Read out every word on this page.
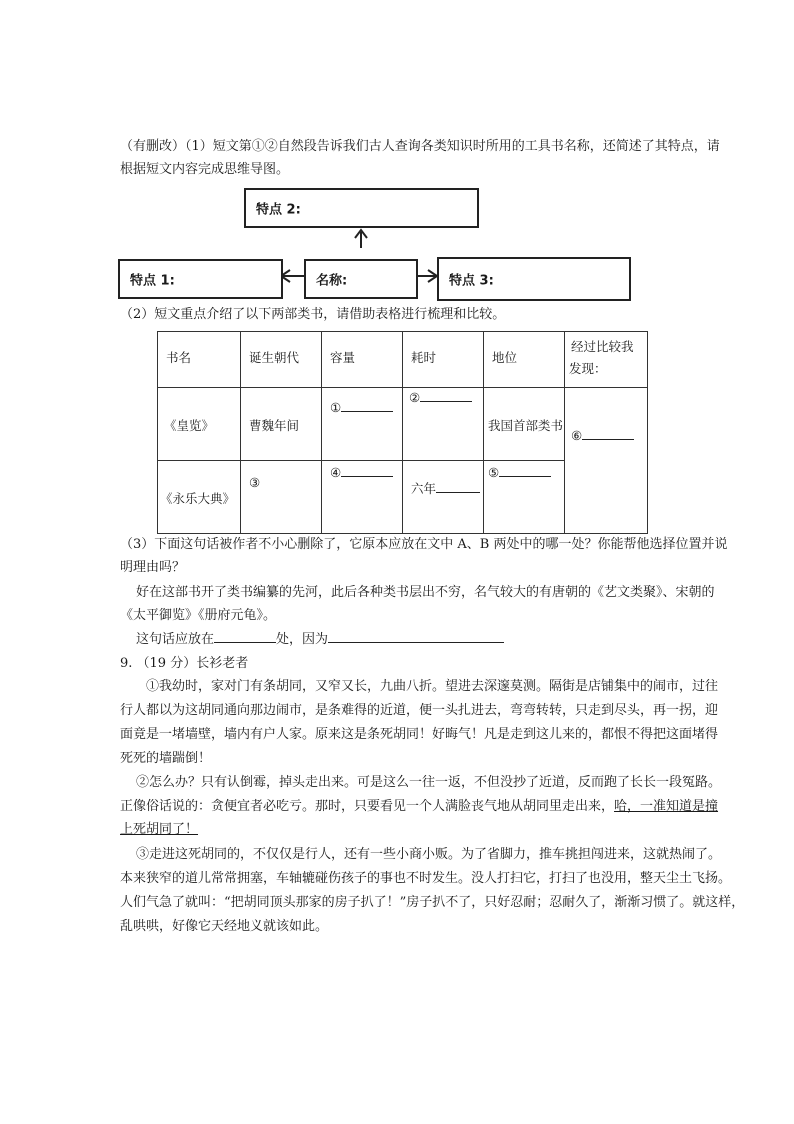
（有删改）（1）短文第①②自然段告诉我们古人查询各类知识时所用的工具书名称，还简述了其特点，请
根据短文内容完成思维导图。
特点 2:
特点 1:	名称:	特点 3:
（2）短文重点介绍了以下两部类书，请借助表格进行梳理和比较。
书名	诞生朝代	容量	耗时	地位	经过比较我
发现：

《皇览》	曹魏年间	①	②	我国首部类书	⑥

《永乐大典》	③	④	六年	⑤	
（3）下面这句话被作者不小心删除了，它原本应放在文中 A、B 两处中的哪一处？你能帮他选择位置并说
明理由吗？
好在这部书开了类书编纂的先河，此后各种类书层出不穷，名气较大的有唐朝的《艺文类聚》、宋朝的
《太平御览》《册府元龟》。
这句话应放在	处，因为
9. （19 分）长衫老者
①我幼时，家对门有条胡同，又窄又长，九曲八折。望进去深邃莫测。隔街是店铺集中的闹市，过往
行人都以为这胡同通向那边闹市，是条难得的近道，便一头扎进去，弯弯转转，只走到尽头，再一拐，迎
面竟是一堵墙壁，墙内有户人家。原来这是条死胡同！好晦气！凡是走到这儿来的，都恨不得把这面堵得
死死的墙踹倒！
②怎么办？只有认倒霉，掉头走出来。可是这么一往一返，不但没抄了近道，反而跑了长长一段冤路。
正像俗话说的：贪便宜者必吃亏。那时，只要看见一个人满脸丧气地从胡同里走出来，哈，一准知道是撞
上死胡同了！
③走进这死胡同的，不仅仅是行人，还有一些小商小贩。为了省脚力，推车挑担闯进来，这就热闹了。
本来狭窄的道儿常常拥塞，车轴辘碰伤孩子的事也不时发生。没人打扫它，打扫了也没用，整天尘土飞扬。
人们气急了就叫：“把胡同顶头那家的房子扒了！”房子扒不了，只好忍耐；忍耐久了，渐渐习惯了。就这样，
乱哄哄，好像它天经地义就该如此。
